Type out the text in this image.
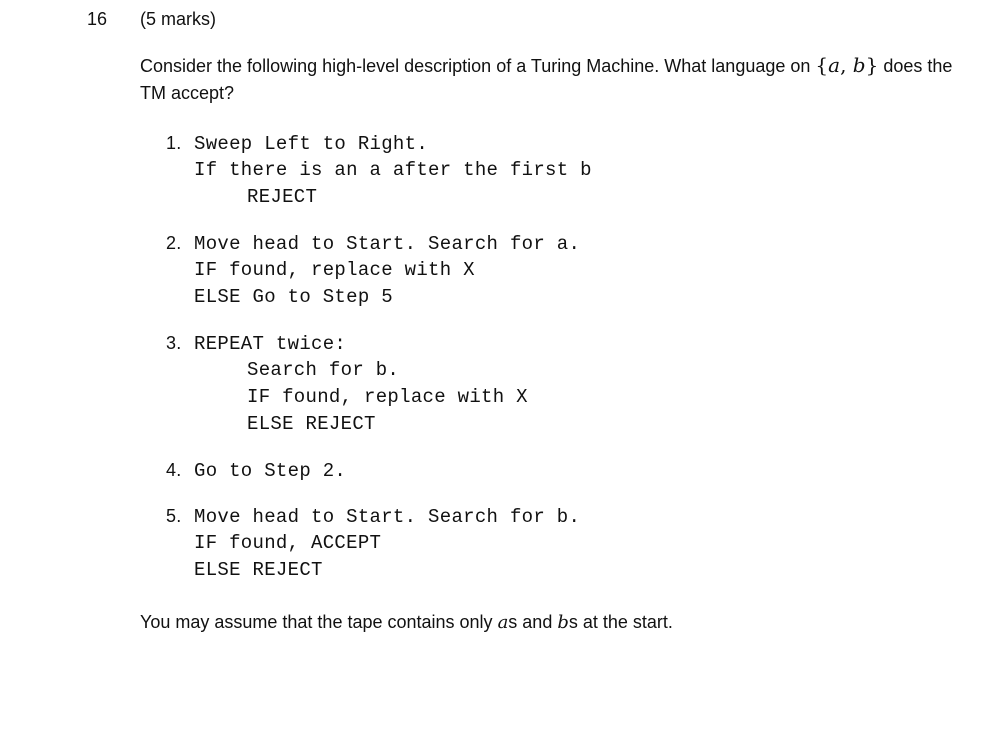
16 (5 marks)
Consider the following high-level description of a Turing Machine. What language on {a, b} does the TM accept?
1. Sweep Left to Right.
If there is an a after the first b
REJECT
2. Move head to Start. Search for a.
IF found, replace with X
ELSE Go to Step 5
3. REPEAT twice:
Search for b.
IF found, replace with X
ELSE REJECT
4. Go to Step 2.
5. Move head to Start. Search for b.
IF found, ACCEPT
ELSE REJECT
You may assume that the tape contains only as and bs at the start.
